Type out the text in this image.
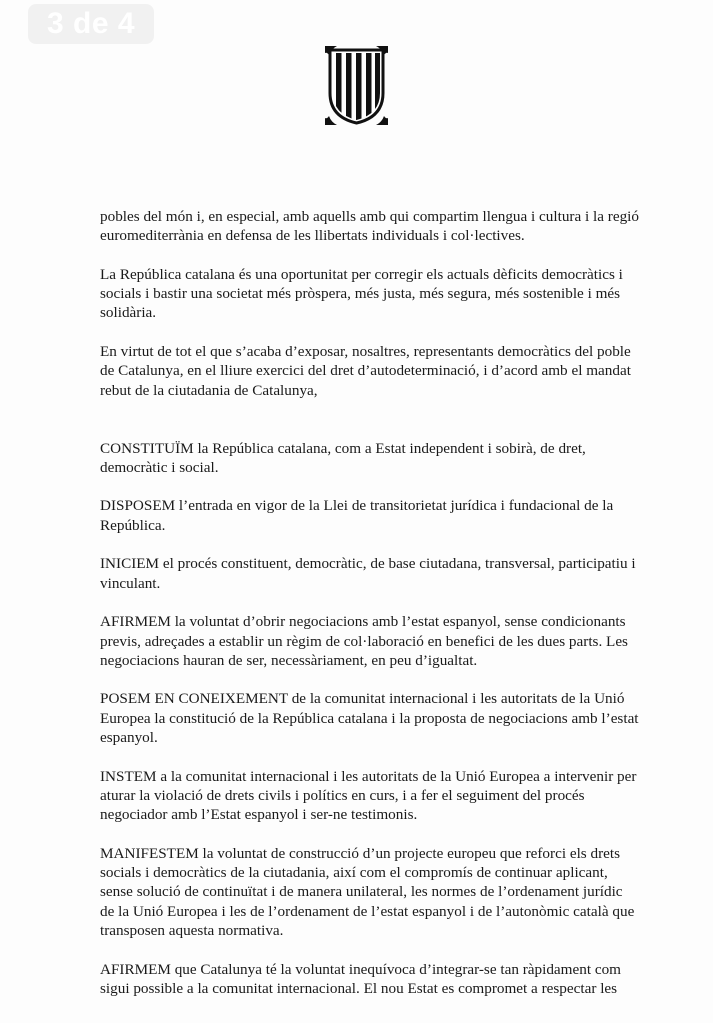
3 de 4

pobles del món i, en especial, amb aquells amb qui compartim llengua i cultura i la regió euromediterrània en defensa de les llibertats individuals i col·lectives.

La República catalana és una oportunitat per corregir els actuals dèficits democràtics i socials i bastir una societat més pròspera, més justa, més segura, més sostenible i més solidària.

En virtut de tot el que s’acaba d’exposar, nosaltres, representants democràtics del poble de Catalunya, en el lliure exercici del dret d’autodeterminació, i d’acord amb el mandat rebut de la ciutadania de Catalunya,

CONSTITUÏM la República catalana, com a Estat independent i sobirà, de dret, democràtic i social.

DISPOSEM l’entrada en vigor de la Llei de transitorietat jurídica i fundacional de la República.

INICIEM el procés constituent, democràtic, de base ciutadana, transversal, participatiu i vinculant.

AFIRMEM la voluntat d’obrir negociacions amb l’estat espanyol, sense condicionants previs, adreçades a establir un règim de col·laboració en benefici de les dues parts. Les negociacions hauran de ser, necessàriament, en peu d’igualtat.

POSEM EN CONEIXEMENT de la comunitat internacional i les autoritats de la Unió Europea la constitució de la República catalana i la proposta de negociacions amb l’estat espanyol.

INSTEM a la comunitat internacional i les autoritats de la Unió Europea a intervenir per aturar la violació de drets civils i polítics en curs, i a fer el seguiment del procés negociador amb l’Estat espanyol i ser-ne testimonis.

MANIFESTEM la voluntat de construcció d’un projecte europeu que reforci els drets socials i democràtics de la ciutadania, així com el compromís de continuar aplicant, sense solució de continuïtat i de manera unilateral, les normes de l’ordenament jurídic de la Unió Europea i les de l’ordenament de l’estat espanyol i de l’autonòmic català que transposen aquesta normativa.

AFIRMEM que Catalunya té la voluntat inequívoca d’integrar-se tan ràpidament com sigui possible a la comunitat internacional. El nou Estat es compromet a respectar les
